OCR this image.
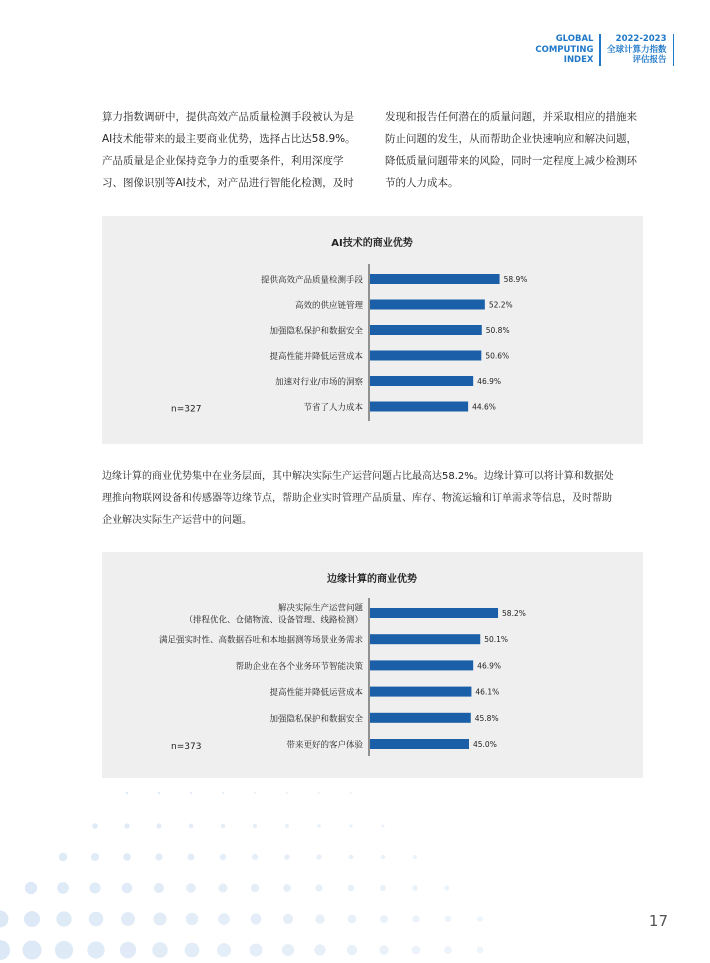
GLOBAL
COMPUTING
INDEX
2022-2023
全球计算力指数
评估报告
算力指数调研中，提供高效产品质量检测手段被认为是
AI技术能带来的最主要商业优势，选择占比达58.9%。
产品质量是企业保持竞争力的重要条件，利用深度学
习、图像识别等AI技术，对产品进行智能化检测，及时
发现和报告任何潜在的质量问题，并采取相应的措施来
防止问题的发生，从而帮助企业快速响应和解决问题，
降低质量问题带来的风险，同时一定程度上减少检测环
节的人力成本。
AI技术的商业优势
提供高效产品质量检测手段	58.9%
高效的供应链管理	52.2%
加强隐私保护和数据安全	50.8%
提高性能并降低运营成本	50.6%
加速对行业/市场的洞察	46.9%
节省了人力成本	44.6%
n=327
边缘计算的商业优势集中在业务层面，其中解决实际生产运营问题占比最高达58.2%。边缘计算可以将计算和数据处
理推向物联网设备和传感器等边缘节点，帮助企业实时管理产品质量、库存、物流运输和订单需求等信息，及时帮助
企业解决实际生产运营中的问题。
边缘计算的商业优势
解决实际生产运营问题
（排程优化、仓储物流、设备管理、线路检测）
58.2%
满足强实时性、高数据吞吐和本地据测等场景业务需求	50.1%
帮助企业在各个业务环节智能决策	46.9%
提高性能并降低运营成本	46.1%
加强隐私保护和数据安全	45.8%
带来更好的客户体验	45.0%
n=373
17
